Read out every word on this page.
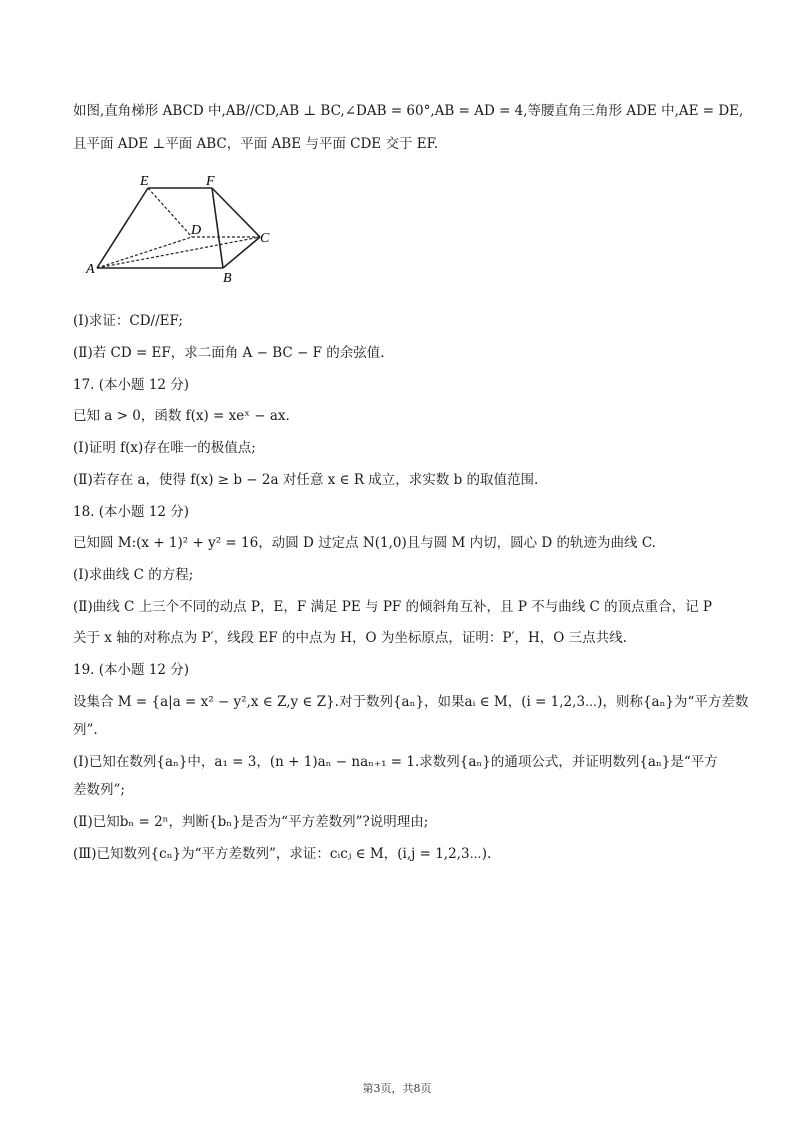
如图,直角梯形 ABCD 中,AB//CD,AB ⊥ BC,∠DAB = 60°,AB = AD = 4,等腰直角三角形 ADE 中,AE = DE,
且平面 ADE ⊥平面 ABC，平面 ABE 与平面 CDE 交于 EF.
E	F
D
C
A
B
(Ⅰ)求证：CD//EF;
(Ⅱ)若 CD = EF，求二面角 A − BC − F 的余弦值.
17. (本小题 12 分)
已知 a > 0，函数 f(x) = xeˣ − ax.
(Ⅰ)证明 f(x)存在唯一的极值点;
(Ⅱ)若存在 a，使得 f(x) ≥ b − 2a 对任意 x ∈ R 成立，求实数 b 的取值范围.
18. (本小题 12 分)
已知圆 M:(x + 1)² + y² = 16，动圆 D 过定点 N(1,0)且与圆 M 内切，圆心 D 的轨迹为曲线 C.
(Ⅰ)求曲线 C 的方程;
(Ⅱ)曲线 C 上三个不同的动点 P，E，F 满足 PE 与 PF 的倾斜角互补，且 P 不与曲线 C 的顶点重合，记 P
关于 x 轴的对称点为 P′，线段 EF 的中点为 H，O 为坐标原点，证明：P′，H，O 三点共线.
19. (本小题 12 分)
设集合 M = {a|a = x² − y²,x ∈ Z,y ∈ Z}.对于数列{aₙ}，如果aᵢ ∈ M，(i = 1,2,3⋯)，则称{aₙ}为“平方差数
列”.
(Ⅰ)已知在数列{aₙ}中，a₁ = 3，(n + 1)aₙ − naₙ₊₁ = 1.求数列{aₙ}的通项公式，并证明数列{aₙ}是“平方
差数列”;
(Ⅱ)已知bₙ = 2ⁿ，判断{bₙ}是否为“平方差数列”?说明理由;
(Ⅲ)已知数列{cₙ}为“平方差数列”，求证：cᵢcⱼ ∈ M，(i,j = 1,2,3⋯).
第3页，共8页
